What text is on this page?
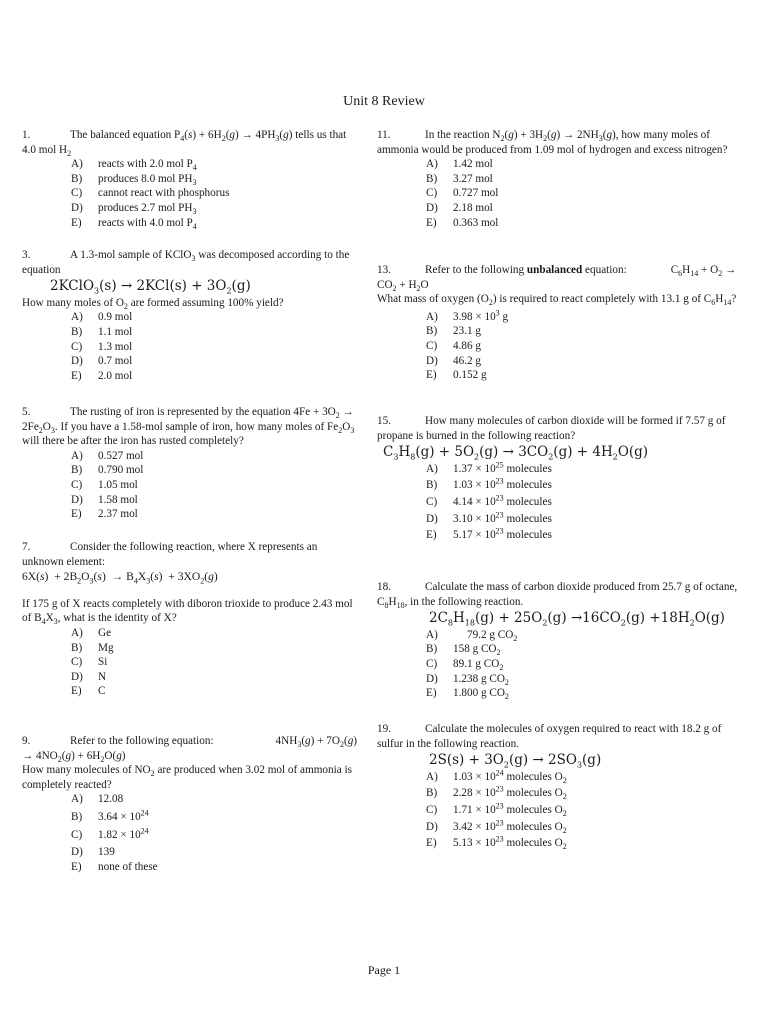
Unit 8 Review

1.	The balanced equation $P_4(s) + 6H_2(g) \to 4PH_3(g)$ tells us that 4.0 mol $H_2$

A) reacts with 2.0 mol $P_4$
B) produces 8.0 mol $PH_3$
C) cannot react with phosphorus
D) produces 2.7 mol $PH_3$
E) reacts with 4.0 mol $P_4$

3.	A 1.3-mol sample of KClO$_3$ was decomposed according to the equation

2KClO$_3$(s) → $2KCl(s) + 3O_2(g)$

How many moles of $O_2$ are formed assuming 100% yield?

A) 0.9 mol
B) 1.1 mol
C) 1.3 mol
D) 0.7 mol
E) 2.0 mol

5.	The rusting of iron is represented by the equation $4Fe + 3O_2 \to 2Fe_2O_3$. If you have a 1.58-mol sample of iron, how many moles of $Fe_2O_3$ will there be after the iron has rusted completely?

A) 0.527 mol
B) 0.790 mol
C) 1.05 mol
D) 1.58 mol
E) 2.37 mol

7.	Consider the following reaction, where X represents an unknown element:

$6X(s) + 2B_2O_3(s) \to B_4X_3(s) + 3XO_2(g)$

If 175 g of X reacts completely with diboron trioxide to produce 2.43 mol of $B_4X_3$, what is the identity of X?

A) Ge
B) Mg
C) Si
D) N
E) C

9.	Refer to the following equation:	$4NH_3(g) + 7O_2(g) \to 4NO_2(g) + 6H_2O(g)$

How many molecules of $NO_2$ are produced when 3.02 mol of ammonia is completely reacted?

A) 12.08
B) $3.64 \times 10^{24}$
C) $1.82 \times 10^{24}$
D) 139
E) none of these

11.	In the reaction $N_2(g) + 3H_2(g) \to 2NH_3(g)$, how many moles of ammonia would be produced from 1.09 mol of hydrogen and excess nitrogen?

A) 1.42 mol
B) 3.27 mol
C) 0.727 mol
D) 2.18 mol
E) 0.363 mol

13.	Refer to the following unbalanced equation:	$C_6H_{14} + O_2 \to CO_2 + H_2O$

What mass of oxygen $(O_2)$ is required to react completely with 13.1 g of $C_6H_{14}$?

A) $3.98 \times 10^3$ g
B) 23.1 g
C) 4.86 g
D) 46.2 g
E) 0.152 g

15.	How many molecules of carbon dioxide will be formed if 7.57 g of propane is burned in the following reaction?

$C_3H_8(g) + 5O_2(g) \to 3CO_2(g) + 4H_2O(g)$
A) $1.37 \times 10^{25}$ molecules
B) $1.03 \times 10^{23}$ molecules
C) $4.14 \times 10^{23}$ molecules
D) $3.10 \times 10^{23}$ molecules
E) $5.17 \times 10^{23}$ molecules

18.	Calculate the mass of carbon dioxide produced from 25.7 g of octane, $C_8H_{18}$, in the following reaction.

$2C_8H_{18}(g) + 25O_2(g) \to 16CO_2(g) +18H_2O(g)$
A)     79.2 g $CO_2$
B) 158 g $CO_2$
C) 89.1 g $CO_2$
D) 1.238 g $CO_2$
E) 1.800 g $CO_2$

19.	Calculate the molecules of oxygen required to react with 18.2 g of sulfur in the following reaction.

$2S(s) + 3O_2(g) \to 2SO_3(g)$
A) $1.03 \times 10^{24}$ molecules $O_2$
B) $2.28 \times 10^{23}$ molecules $O_2$
C) $1.71 \times 10^{23}$ molecules $O_2$
D) $3.42 \times 10^{23}$ molecules $O_2$
E) $5.13 \times 10^{23}$ molecules $O_2$
Page 1
